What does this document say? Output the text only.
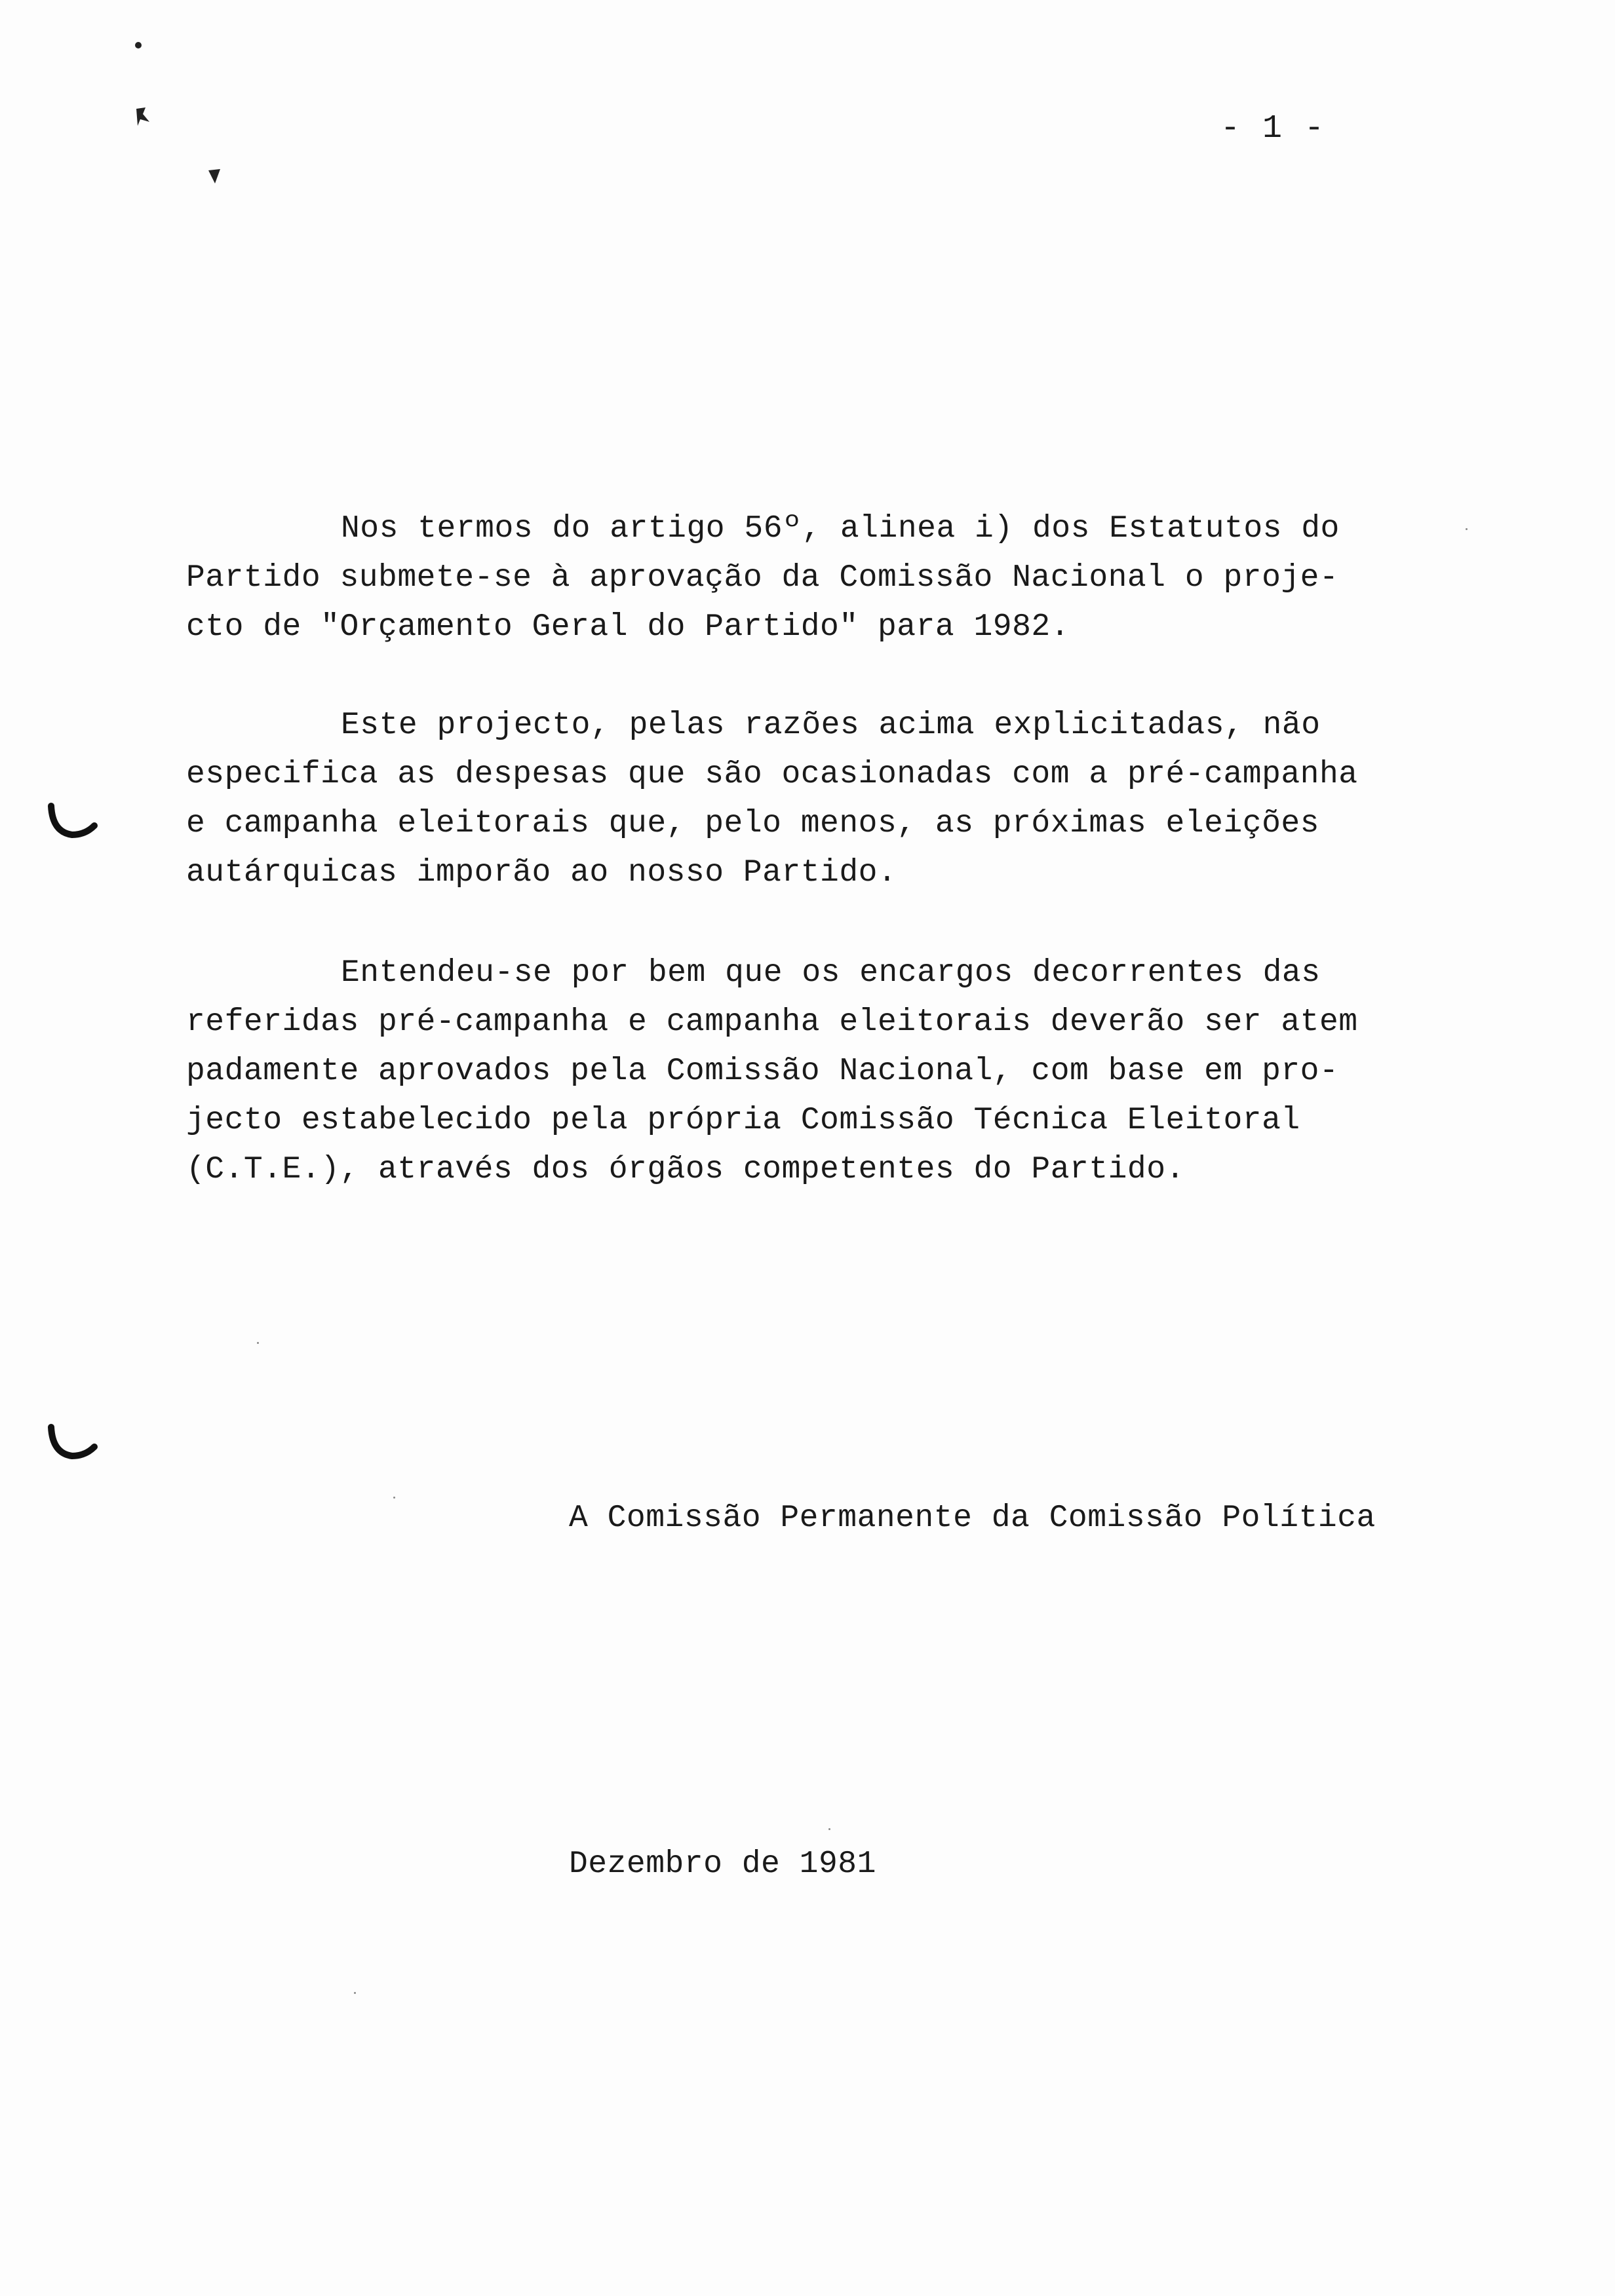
- 1 -
Nos termos do artigo 56º, alinea i) dos Estatutos do
Partido submete-se à aprovação da Comissão Nacional o proje-
cto de "Orçamento Geral do Partido" para 1982.
Este projecto, pelas razões acima explicitadas, não
especifica as despesas que são ocasionadas com a pré-campanha
e campanha eleitorais que, pelo menos, as próximas eleições
autárquicas imporão ao nosso Partido.
Entendeu-se por bem que os encargos decorrentes das
referidas pré-campanha e campanha eleitorais deverão ser atem
padamente aprovados pela Comissão Nacional, com base em pro-
jecto estabelecido pela própria Comissão Técnica Eleitoral
(C.T.E.), através dos órgãos competentes do Partido.
A Comissão Permanente da Comissão Política
Dezembro de 1981
